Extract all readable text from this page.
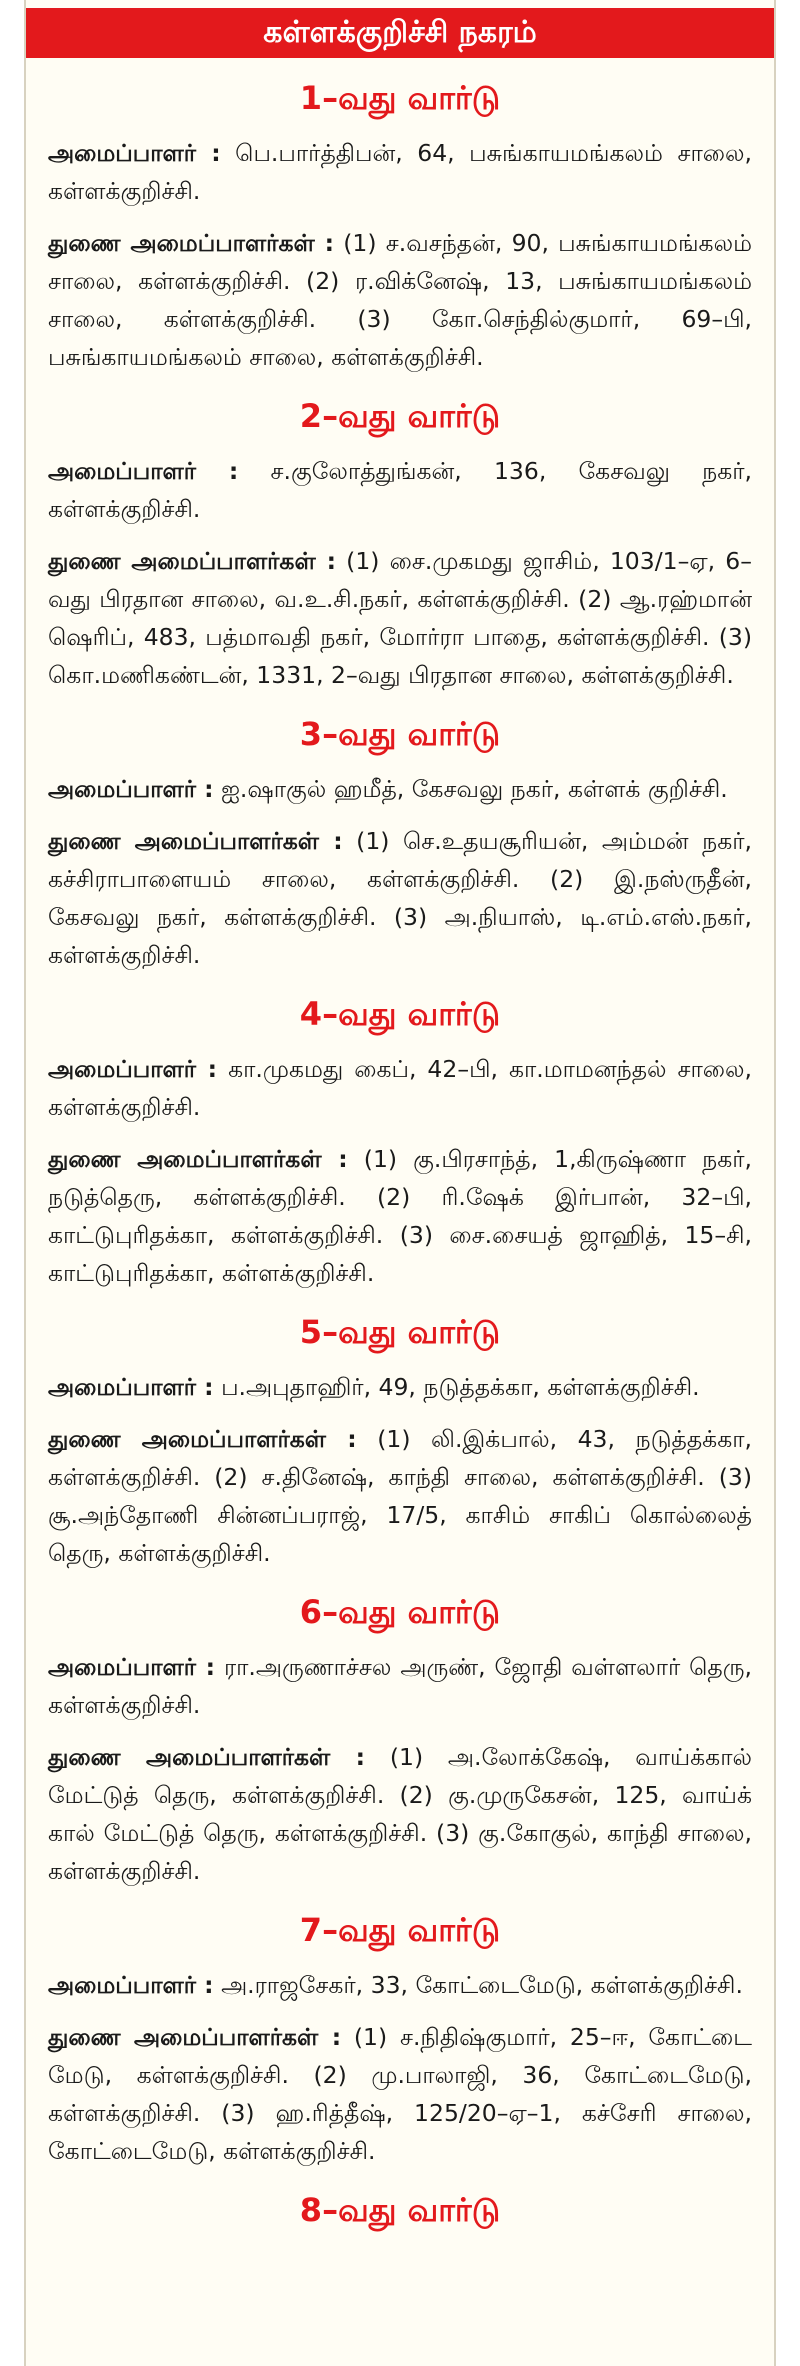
கள்ளக்குறிச்சி நகரம்
1–வது வார்டு

அமைப்பாளர் : பெ.பார்த்திபன், 64, பசுங்காயமங்கலம் சாலை, கள்ளக்குறிச்சி.

துணை அமைப்பாளர்கள் : (1) ச.வசந்தன், 90, பசுங்காயமங்கலம் சாலை, கள்ளக்குறிச்சி. (2) ர.விக்னேஷ், 13, பசுங்காயமங்கலம் சாலை, கள்ளக்குறிச்சி. (3) கோ.செந்தில்குமார், 69–பி, பசுங்காயமங்கலம் சாலை, கள்ளக்குறிச்சி.

2–வது வார்டு

அமைப்பாளர் : ச.குலோத்துங்கன், 136, கேசவலு நகர், கள்ளக்குறிச்சி.

துணை அமைப்பாளர்கள் : (1) சை.முகமது ஜாசிம், 103/1–ஏ, 6–வது பிரதான சாலை, வ.உ.சி.நகர், கள்ளக்குறிச்சி. (2) ஆ.ரஹ்மான் ஷெரிப், 483, பத்மாவதி நகர், மோர்ரா பாதை, கள்ளக்குறிச்சி. (3) கொ.மணிகண்டன், 1331, 2–வது பிரதான சாலை, கள்ளக்குறிச்சி.

3–வது வார்டு

அமைப்பாளர் : ஐ.ஷாகுல் ஹமீத், கேசவலு நகர், கள்ளக் குறிச்சி.

துணை அமைப்பாளர்கள் : (1) செ.உதயசூரியன், அம்மன் நகர், கச்சிராபாளையம் சாலை, கள்ளக்குறிச்சி. (2) இ.நஸ்ருதீன், கேசவலு நகர், கள்ளக்குறிச்சி. (3) அ.நியாஸ், டி.எம்.எஸ்.நகர், கள்ளக்குறிச்சி.

4–வது வார்டு

அமைப்பாளர் : கா.முகமது கைப், 42–பி, கா.மாமனந்தல் சாலை, கள்ளக்குறிச்சி.

துணை அமைப்பாளர்கள் : (1) கு.பிரசாந்த், 1,கிருஷ்ணா நகர், நடுத்தெரு, கள்ளக்குறிச்சி. (2) ரி.ஷேக் இர்பான், 32–பி, காட்டுபுரிதக்கா, கள்ளக்குறிச்சி. (3) சை.சையத் ஜாஹித், 15–சி, காட்டுபுரிதக்கா, கள்ளக்குறிச்சி.

5–வது வார்டு

அமைப்பாளர் : ப.அபுதாஹிர், 49, நடுத்தக்கா, கள்ளக்குறிச்சி.

துணை அமைப்பாளர்கள் : (1) லி.இக்பால், 43, நடுத்தக்கா, கள்ளக்குறிச்சி. (2) ச.தினேஷ், காந்தி சாலை, கள்ளக்குறிச்சி. (3) சூ.அந்தோணி சின்னப்பராஜ், 17/5, காசிம் சாகிப் கொல்லைத் தெரு, கள்ளக்குறிச்சி.

6–வது வார்டு

அமைப்பாளர் : ரா.அருணாச்சல அருண், ஜோதி வள்ளலார் தெரு, கள்ளக்குறிச்சி.

துணை அமைப்பாளர்கள் : (1) அ.லோக்கேஷ், வாய்க்கால் மேட்டுத் தெரு, கள்ளக்குறிச்சி. (2) கு.முருகேசன், 125, வாய்க் கால் மேட்டுத் தெரு, கள்ளக்குறிச்சி. (3) கு.கோகுல், காந்தி சாலை, கள்ளக்குறிச்சி.

7–வது வார்டு

அமைப்பாளர் : அ.ராஜசேகர், 33, கோட்டைமேடு, கள்ளக்குறிச்சி.

துணை அமைப்பாளர்கள் : (1) ச.நிதிஷ்குமார், 25–ஈ, கோட்டை மேடு, கள்ளக்குறிச்சி. (2) மு.பாலாஜி, 36, கோட்டைமேடு, கள்ளக்குறிச்சி. (3) ஹ.ரித்தீஷ், 125/20–ஏ–1, கச்சேரி சாலை, கோட்டைமேடு, கள்ளக்குறிச்சி.

8–வது வார்டு
